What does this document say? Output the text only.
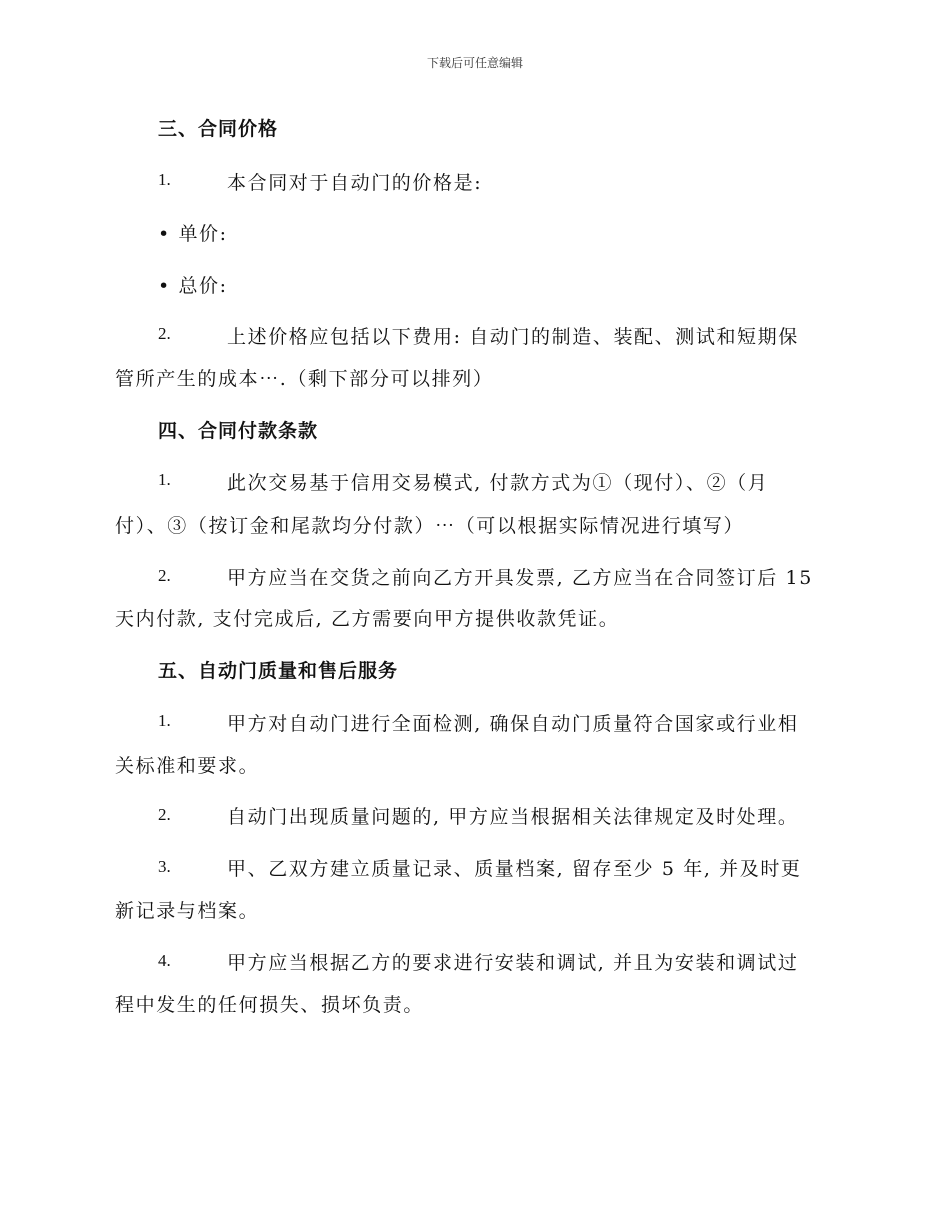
下载后可任意编辑
三、合同价格
1.	本合同对于自动门的价格是:
• 单价:
• 总价:
2.	上述价格应包括以下费用: 自动门的制造、装配、测试和短期保
管所产生的成本⋯.（剩下部分可以排列）
四、合同付款条款
1.	此次交易基于信用交易模式, 付款方式为①（现付）、②（月
付）、③（按订金和尾款均分付款）⋯（可以根据实际情况进行填写）
2.	甲方应当在交货之前向乙方开具发票, 乙方应当在合同签订后 15
天内付款, 支付完成后, 乙方需要向甲方提供收款凭证。
五、自动门质量和售后服务
1.	甲方对自动门进行全面检测, 确保自动门质量符合国家或行业相
关标准和要求。
2.	自动门出现质量问题的, 甲方应当根据相关法律规定及时处理。
3.	甲、乙双方建立质量记录、质量档案, 留存至少 5 年, 并及时更
新记录与档案。
4.	甲方应当根据乙方的要求进行安装和调试, 并且为安装和调试过
程中发生的任何损失、损坏负责。
